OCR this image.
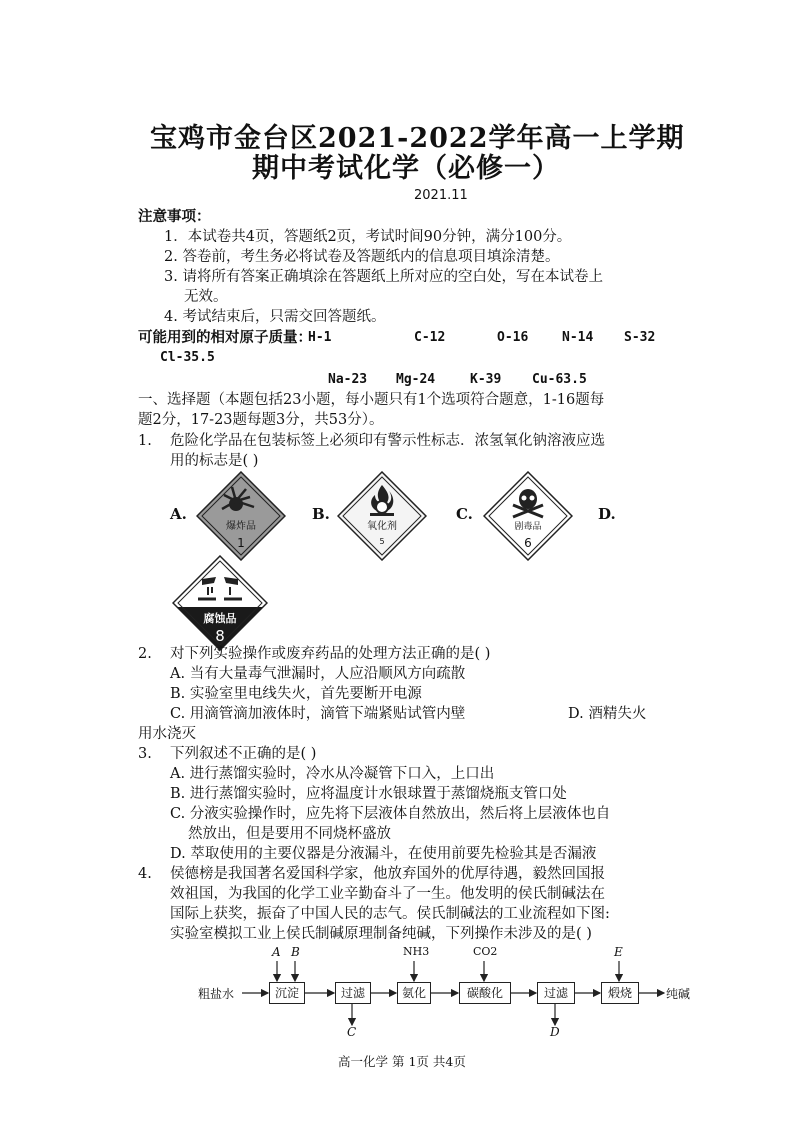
宝鸡市金台区2021-2022学年高一上学期
期中考试化学（必修一）
2021.11
注意事项：
1．本试卷共4页，答题纸2页，考试时间90分钟，满分100分。
2. 答卷前，考生务必将试卷及答题纸内的信息项目填涂清楚。
3. 请将所有答案正确填涂在答题纸上所对应的空白处，写在本试卷上
无效。
4. 考试结束后，只需交回答题纸。
可能用到的相对原子质量：
H-1	C-12	O-16	N-14 S-32
Cl-35.5
Na-23 Mg-24	K-39 Cu-63.5
一、选择题（本题包括23小题，每小题只有1个选项符合题意，1-16题每
题2分，17-23题每题3分，共53分）。
1. 危险化学品在包装标签上必须印有警示性标志．浓氢氧化钠溶液应选
用的标志是( )
A.	B.	C.	D.
爆炸品
1
氧化剂
5
剧毒品
6
腐蚀品
8
2. 对下列实验操作或废弃药品的处理方法正确的是( )
A. 当有大量毒气泄漏时，人应沿顺风方向疏散
B. 实验室里电线失火，首先要断开电源
C. 用滴管滴加液体时，滴管下端紧贴试管内壁	D. 酒精失火
用水浇灭
3. 下列叙述不正确的是( )
A. 进行蒸馏实验时，冷水从冷凝管下口入，上口出
B. 进行蒸馏实验时，应将温度计水银球置于蒸馏烧瓶支管口处
C. 分液实验操作时，应先将下层液体自然放出，然后将上层液体也自
然放出，但是要用不同烧杯盛放
D. 萃取使用的主要仪器是分液漏斗，在使用前要先检验其是否漏液
4. 侯德榜是我国著名爱国科学家，他放弃国外的优厚待遇，毅然回国报
效祖国，为我国的化学工业辛勤奋斗了一生。他发明的侯氏制碱法在
国际上获奖，振奋了中国人民的志气。侯氏制碱法的工业流程如下图:
实验室模拟工业上侯氏制碱原理制备纯碱，下列操作未涉及的是( )
粗盐水	沉淀	过滤	氨化	碳酸化	过滤	煅烧	纯碱
A B	NH3	CO2	E
C	D
高一化学 第 1页 共4页
